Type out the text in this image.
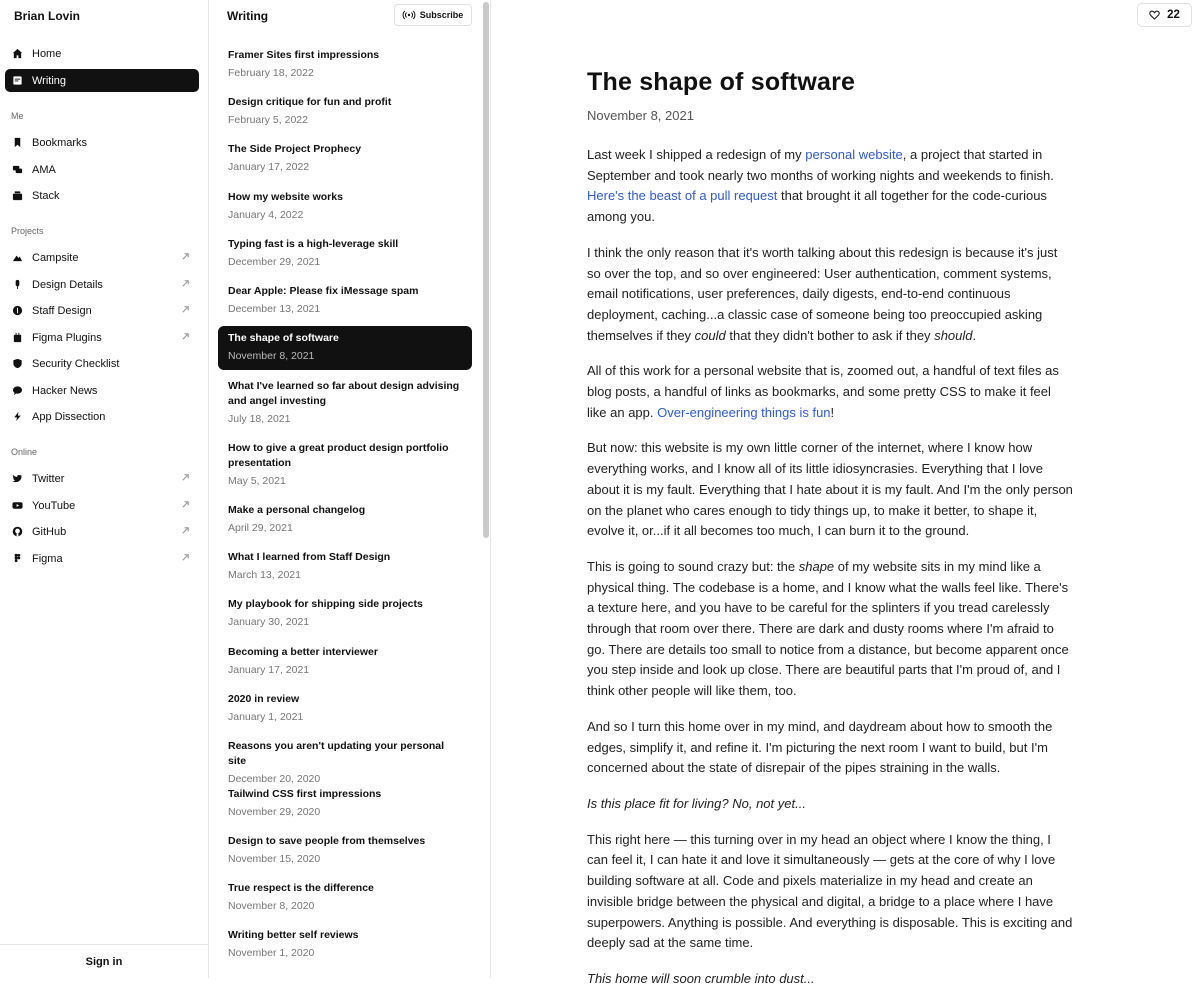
Brian Lovin
Home
Writing
Me
Bookmarks
AMA
Stack
Projects
Campsite
Design Details
Staff Design
Figma Plugins
Security Checklist
Hacker News
App Dissection
Online
Twitter
YouTube
GitHub
Figma
Sign in
Writing	Subscribe
Framer Sites first impressions
February 18, 2022
Design critique for fun and profit
February 5, 2022
The Side Project Prophecy
January 17, 2022
How my website works
January 4, 2022
Typing fast is a high-leverage skill
December 29, 2021
Dear Apple: Please fix iMessage spam
December 13, 2021
The shape of software
November 8, 2021
What I've learned so far about design advising and angel investing
July 18, 2021
How to give a great product design portfolio presentation
May 5, 2021
Make a personal changelog
April 29, 2021
What I learned from Staff Design
March 13, 2021
My playbook for shipping side projects
January 30, 2021
Becoming a better interviewer
January 17, 2021
2020 in review
January 1, 2021
Reasons you aren't updating your personal site
December 20, 2020
Tailwind CSS first impressions
November 29, 2020
Design to save people from themselves
November 15, 2020
True respect is the difference
November 8, 2020
Writing better self reviews
November 1, 2020
22
The shape of software
November 8, 2021

Last week I shipped a redesign of my personal website, a project that started in September and took nearly two months of working nights and weekends to finish. Here's the beast of a pull request that brought it all together for the code-curious among you.

I think the only reason that it's worth talking about this redesign is because it's just so over the top, and so over engineered: User authentication, comment systems, email notifications, user preferences, daily digests, end-to-end continuous deployment, caching...a classic case of someone being too preoccupied asking themselves if they could that they didn't bother to ask if they should.

All of this work for a personal website that is, zoomed out, a handful of text files as blog posts, a handful of links as bookmarks, and some pretty CSS to make it feel like an app. Over-engineering things is fun!

But now: this website is my own little corner of the internet, where I know how everything works, and I know all of its little idiosyncrasies. Everything that I love about it is my fault. Everything that I hate about it is my fault. And I'm the only person on the planet who cares enough to tidy things up, to make it better, to shape it, evolve it, or...if it all becomes too much, I can burn it to the ground.

This is going to sound crazy but: the shape of my website sits in my mind like a physical thing. The codebase is a home, and I know what the walls feel like. There's a texture here, and you have to be careful for the splinters if you tread carelessly through that room over there. There are dark and dusty rooms where I'm afraid to go. There are details too small to notice from a distance, but become apparent once you step inside and look up close. There are beautiful parts that I'm proud of, and I think other people will like them, too.

And so I turn this home over in my mind, and daydream about how to smooth the edges, simplify it, and refine it. I'm picturing the next room I want to build, but I'm concerned about the state of disrepair of the pipes straining in the walls.

Is this place fit for living? No, not yet...

This right here — this turning over in my head an object where I know the thing, I can feel it, I can hate it and love it simultaneously — gets at the core of why I love building software at all. Code and pixels materialize in my head and create an invisible bridge between the physical and digital, a bridge to a place where I have superpowers. Anything is possible. And everything is disposable. This is exciting and deeply sad at the same time.

This home will soon crumble into dust...
